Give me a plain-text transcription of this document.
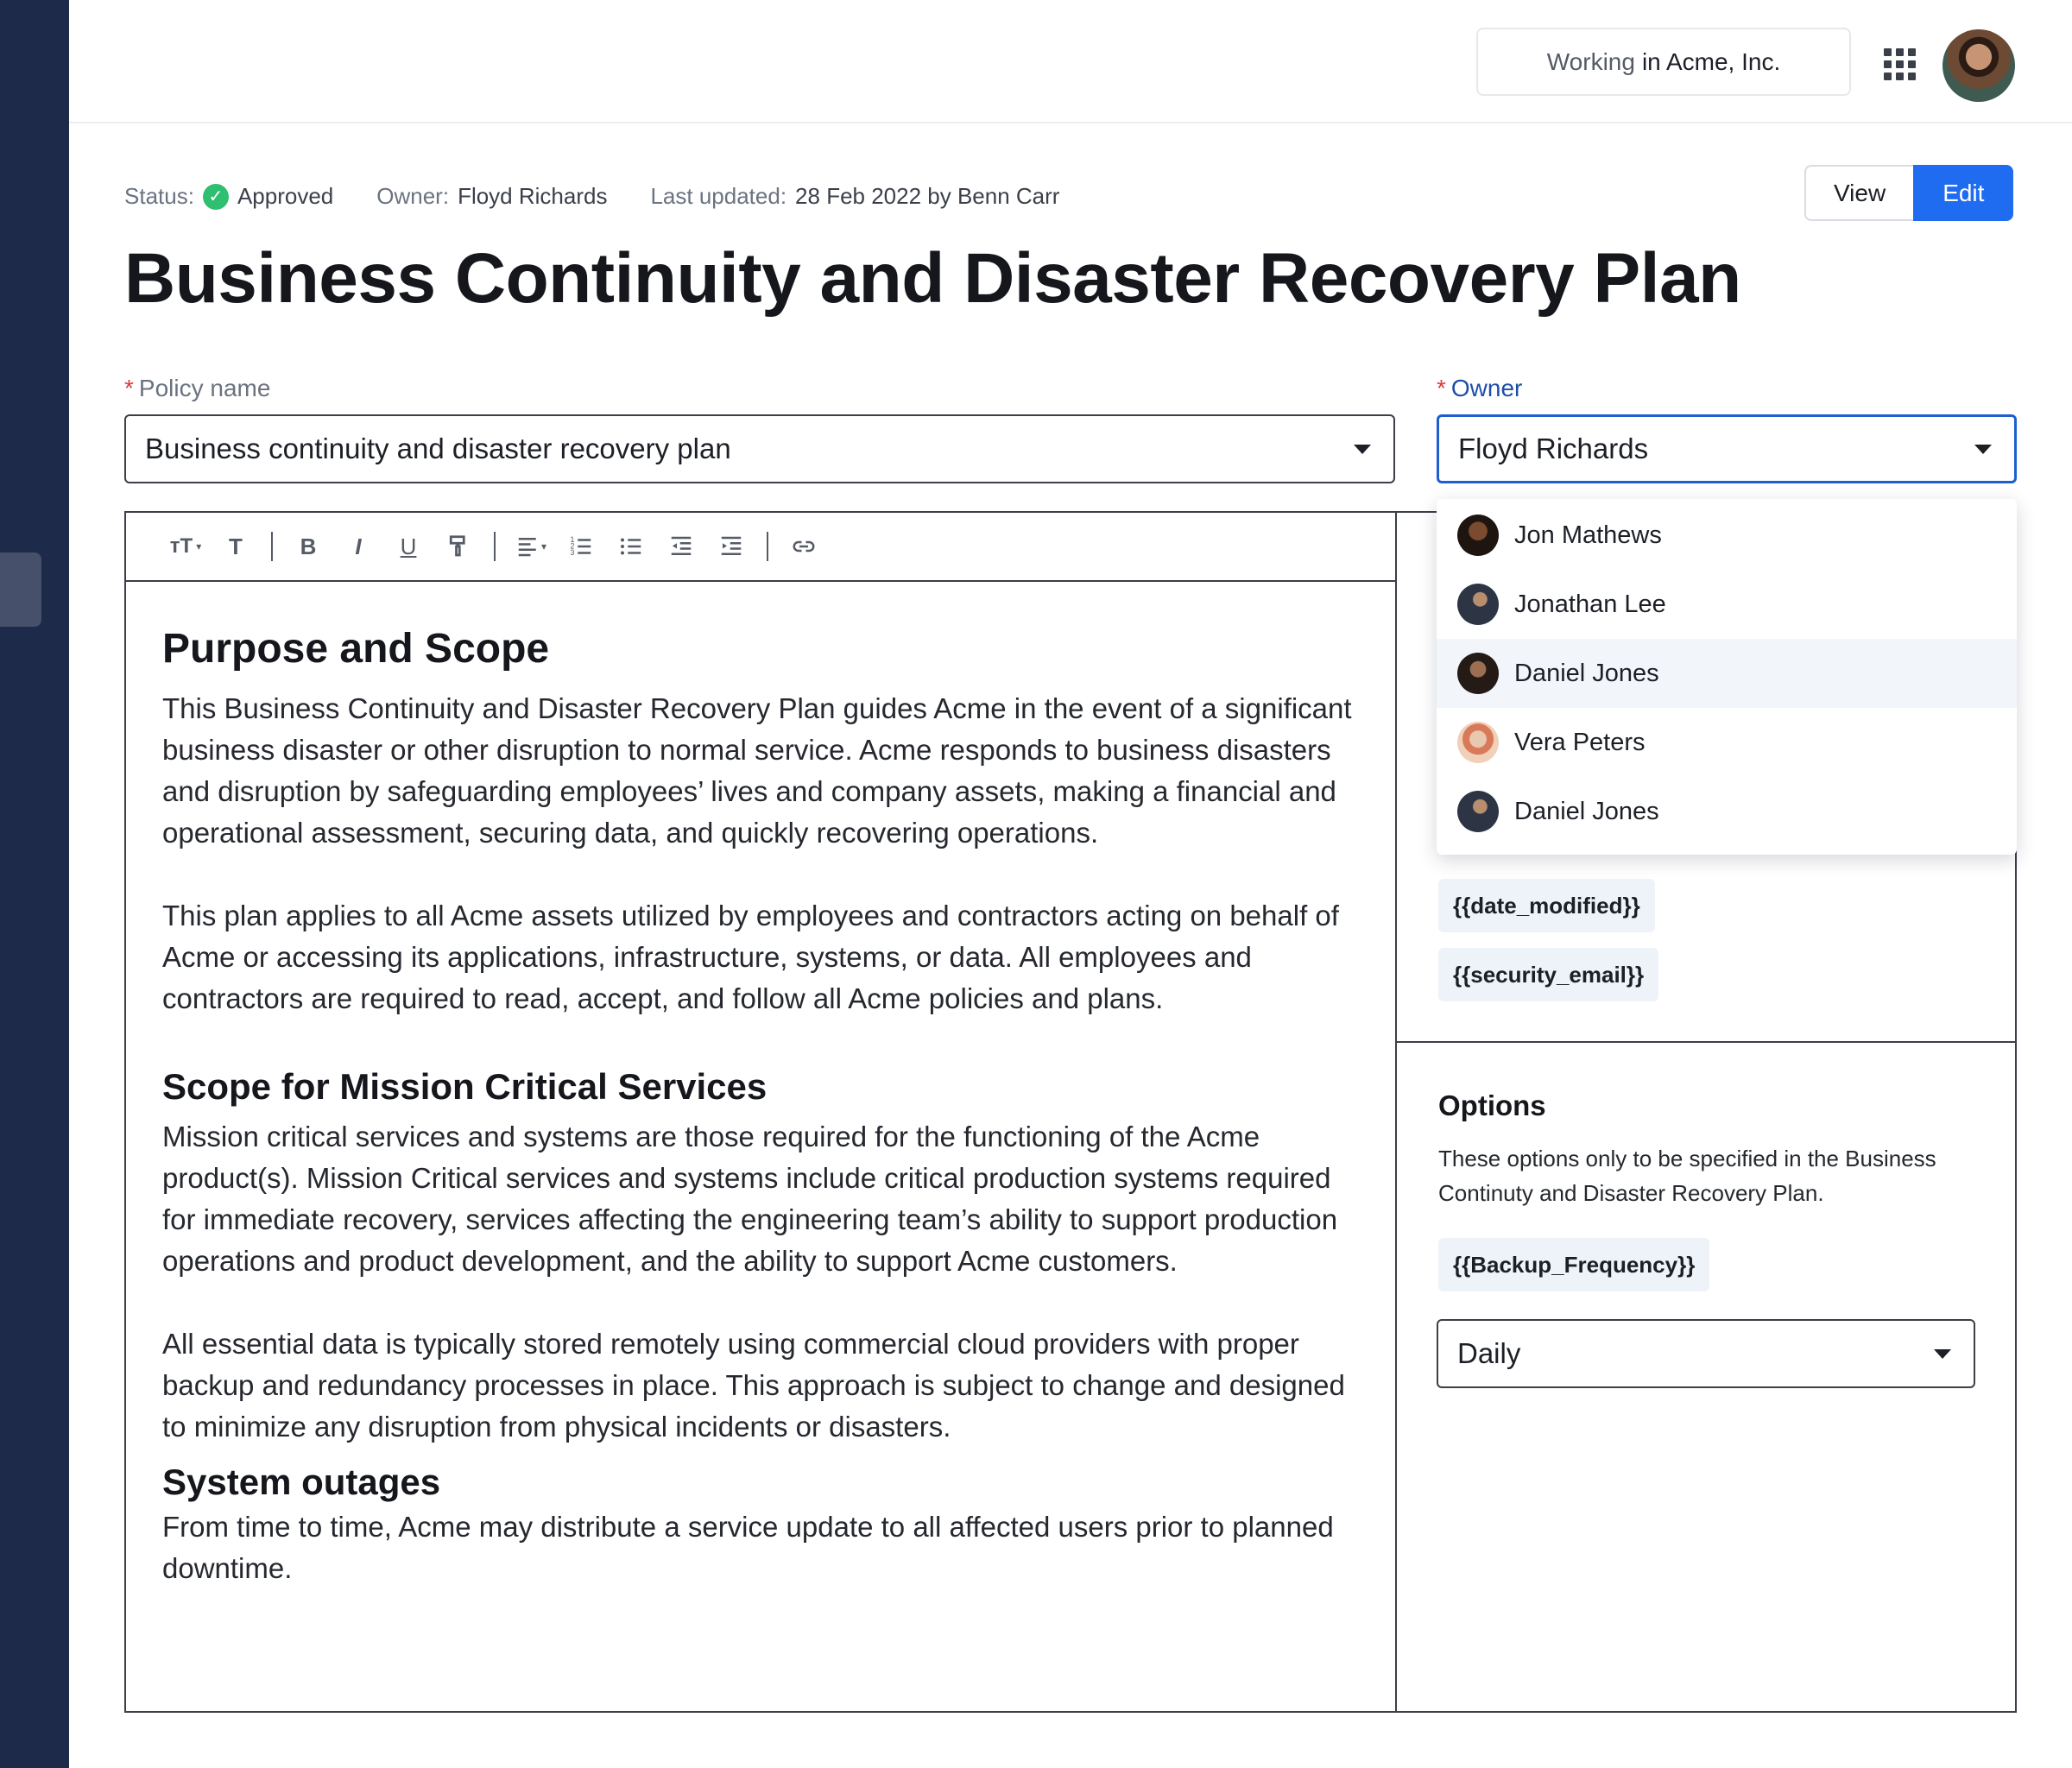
Working in Acme, Inc.
Status: ✓ Approved Owner: Floyd Richards Last updated: 28 Feb 2022 by Benn Carr	View	Edit
Business Continuity and Disaster Recovery Plan
* Policy name
Business continuity and disaster recovery plan
* Owner
Floyd Richards
тT ▾ T	B I U	▾
1
2
3
Purpose and Scope

This Business Continuity and Disaster Recovery Plan guides Acme in the event of a significant business disaster or other disruption to normal service. Acme responds to business disasters and disruption by safeguarding employees’ lives and company assets, making a financial and operational assessment, securing data, and quickly recovering operations.

This plan applies to all Acme assets utilized by employees and contractors acting on behalf of Acme or accessing its applications, infrastructure, systems, or data. All employees and contractors are required to read, accept, and follow all Acme policies and plans.

Scope for Mission Critical Services

Mission critical services and systems are those required for the functioning of the Acme product(s). Mission Critical services and systems include critical production systems required for immediate recovery, services affecting the engineering team’s ability to support production operations and product development, and the ability to support Acme customers.

All essential data is typically stored remotely using commercial cloud providers with proper backup and redundancy processes in place. This approach is subject to change and designed to minimize any disruption from physical incidents or disasters.

System outages

From time to time, Acme may distribute a service update to all affected users prior to planned downtime.

{{date_modified}}
{{security_email}}
Options
These options only to be specified in the Business Continuty and Disaster Recovery Plan.
{{Backup_Frequency}}
Daily
Jon Mathews
Jonathan Lee
Daniel Jones
Vera Peters
Daniel Jones
